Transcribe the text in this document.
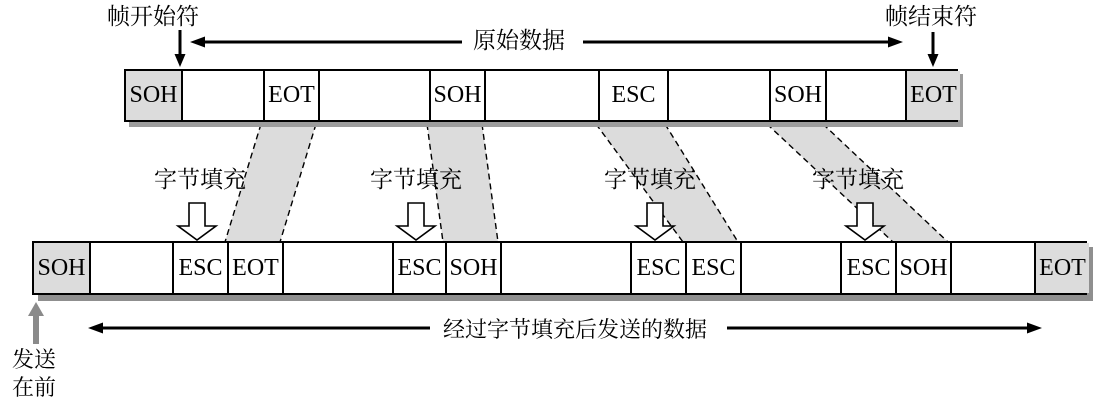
SOH	EOT	SOH	ESC	SOH	EOT
SOH	ESC EOT	ESC SOH	ESC ESC	ESC SOH	EOT
帧开始符	帧结束符
原始数据
字节填充	字节填充	字节填充	字节填充
经过字节填充后发送的数据
发送
在前
